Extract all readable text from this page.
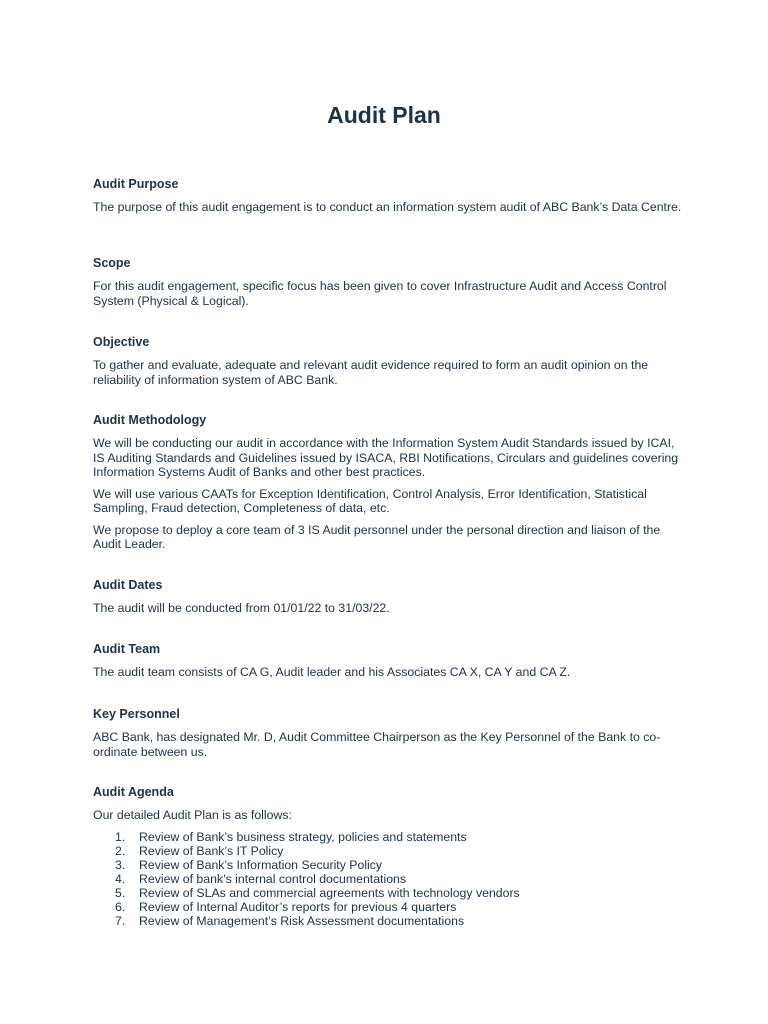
Audit Plan

Audit Purpose

The purpose of this audit engagement is to conduct an information system audit of ABC Bank’s Data Centre.

Scope

For this audit engagement, specific focus has been given to cover Infrastructure Audit and Access Control System (Physical & Logical).

Objective

To gather and evaluate, adequate and relevant audit evidence required to form an audit opinion on the reliability of information system of ABC Bank.

Audit Methodology

We will be conducting our audit in accordance with the Information System Audit Standards issued by ICAI, IS Auditing Standards and Guidelines issued by ISACA, RBI Notifications, Circulars and guidelines covering Information Systems Audit of Banks and other best practices.

We will use various CAATs for Exception Identification, Control Analysis, Error Identification, Statistical Sampling, Fraud detection, Completeness of data, etc.

We propose to deploy a core team of 3 IS Audit personnel under the personal direction and liaison of the Audit Leader.

Audit Dates

The audit will be conducted from 01/01/22 to 31/03/22.

Audit Team

The audit team consists of CA G, Audit leader and his Associates CA X, CA Y and CA Z.

Key Personnel

ABC Bank, has designated Mr. D, Audit Committee Chairperson as the Key Personnel of the Bank to co-ordinate between us.

Audit Agenda

Our detailed Audit Plan is as follows:

1.	Review of Bank’s business strategy, policies and statements
2.	Review of Bank’s IT Policy
3.	Review of Bank’s Information Security Policy
4.	Review of bank’s internal control documentations
5.	Review of SLAs and commercial agreements with technology vendors
6.	Review of Internal Auditor’s reports for previous 4 quarters
7.	Review of Management’s Risk Assessment documentations
